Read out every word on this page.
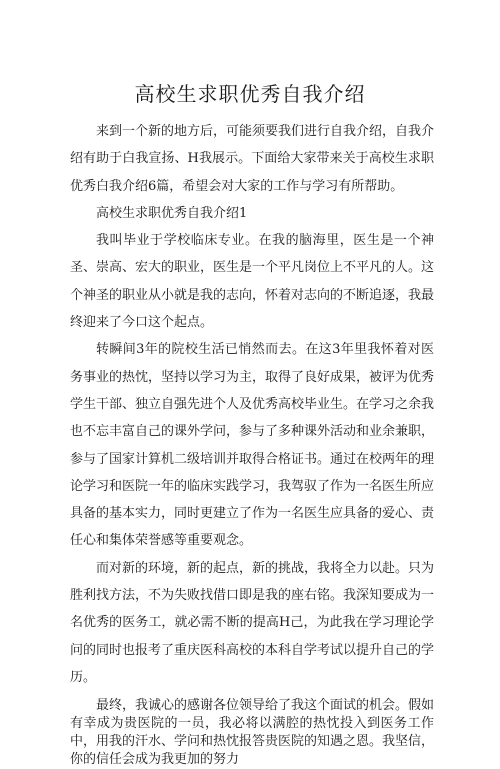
高校生求职优秀自我介绍

来到一个新的地方后，可能须要我们进行自我介绍，自我介绍有助于白我宣扬、H我展示。下面给大家带来关于高校生求职优秀白我介绍6篇，希望会对大家的工作与学习有所帮助。

高校生求职优秀自我介绍1

我叫毕业于学校临床专业。在我的脑海里，医生是一个神圣、崇高、宏大的职业，医生是一个平凡岗位上不平凡的人。这个神圣的职业从小就是我的志向，怀着对志向的不断追逐，我最终迎来了今口这个起点。

转瞬间3年的院校生活已悄然而去。在这3年里我怀着对医务事业的热忱，坚持以学习为主，取得了良好成果，被评为优秀学生干部、独立自强先进个人及优秀高校毕业生。在学习之余我也不忘丰富自己的课外学问，参与了多种课外活动和业余兼职，参与了国家计算机二级培训并取得合格证书。通过在校两年的理论学习和医院一年的临床实践学习，我驾驭了作为一名医生所应具备的基本实力，同时更建立了作为一名医生应具备的爱心、责任心和集体荣誉感等重要观念。

而对新的环境，新的起点，新的挑战，我将全力以赴。只为胜利找方法，不为失败找借口即是我的座右铭。我深知要成为一名优秀的医务工，就必需不断的提高H己，为此我在学习理论学问的同时也报考了重庆医科高校的本科自学考试以提升自己的学历。

最终，我诚心的感谢各位领导给了我这个面试的机会。假如有幸成为贵医院的一员，我必将以满腔的热忱投入到医务工作中，用我的汗水、学问和热忱报答贵医院的知遇之恩。我坚信，你的信任会成为我更加的努力
